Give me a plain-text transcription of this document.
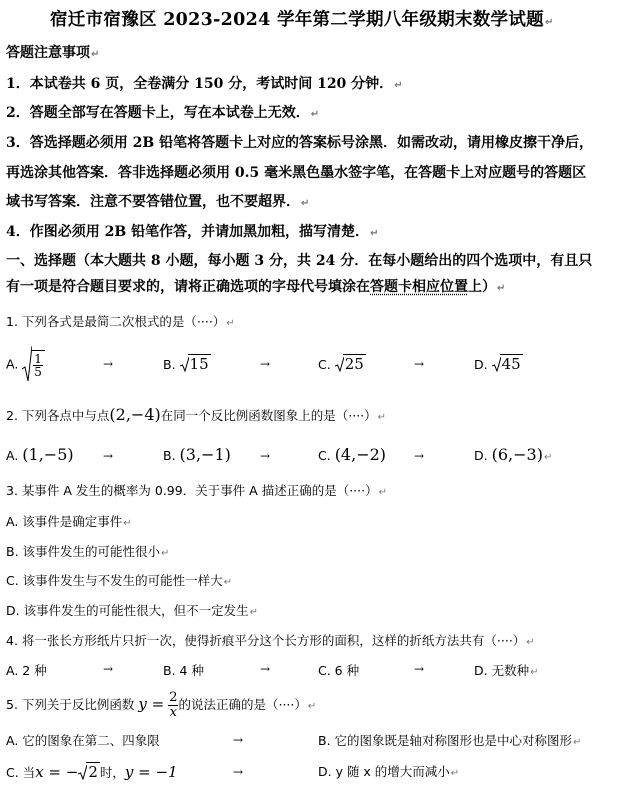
宿迁市宿豫区 2023-2024 学年第二学期八年级期末数学试题↵
答题注意事项↵
1．本试卷共 6 页，全卷满分 150 分，考试时间 120 分钟．↵
2．答题全部写在答题卡上，写在本试卷上无效．↵
3．答选择题必须用 2B 铅笔将答题卡上对应的答案标号涂黑．如需改动，请用橡皮擦干净后，
再选涂其他答案．答非选择题必须用 0.5 毫米黑色墨水签字笔，在答题卡上对应题号的答题区
域书写答案．注意不要答错位置，也不要超界．↵
4．作图必须用 2B 铅笔作答，并请加黑加粗，描写清楚．↵
一、选择题（本大题共 8 小题，每小题 3 分，共 24 分．在每小题给出的四个选项中，有且只
有一项是符合题目要求的，请将正确选项的字母代号填涂在答题卡相应位置上）↵
1. 下列各式是最简二次根式的是（····）↵
A. $\frac{1}{5}$	→	B. 15	→	C. 25	→	D. 45
2. 下列各点中与点(2,−4)在同一个反比例函数图象上的是（····）↵
A. (1,−5) →	B. (3,−1) →	C. (4,−2) →	D. (6,−3)↵
3. 某事件 A 发生的概率为 0.99．关于事件 A 描述正确的是（····）↵
A. 该事件是确定事件↵
B. 该事件发生的可能性很小↵
C. 该事件发生与不发生的可能性一样大↵
D. 该事件发生的可能性很大，但不一定发生↵
4. 将一张长方形纸片只折一次，使得折痕平分这个长方形的面积，这样的折纸方法共有（····）↵
A. 2 种	→	B. 4 种	→	C. 6 种	→	D. 无数种↵
5. 下列关于反比例函数 $y = \frac{2}{x}$ 的说法正确的是（····）↵
A. 它的图象在第二、四象限	→	B. 它的图象既是轴对称图形也是中心对称图形↵
C. 当x = − 2 时，y = −1	→	D. y 随 x 的增大而减小↵
